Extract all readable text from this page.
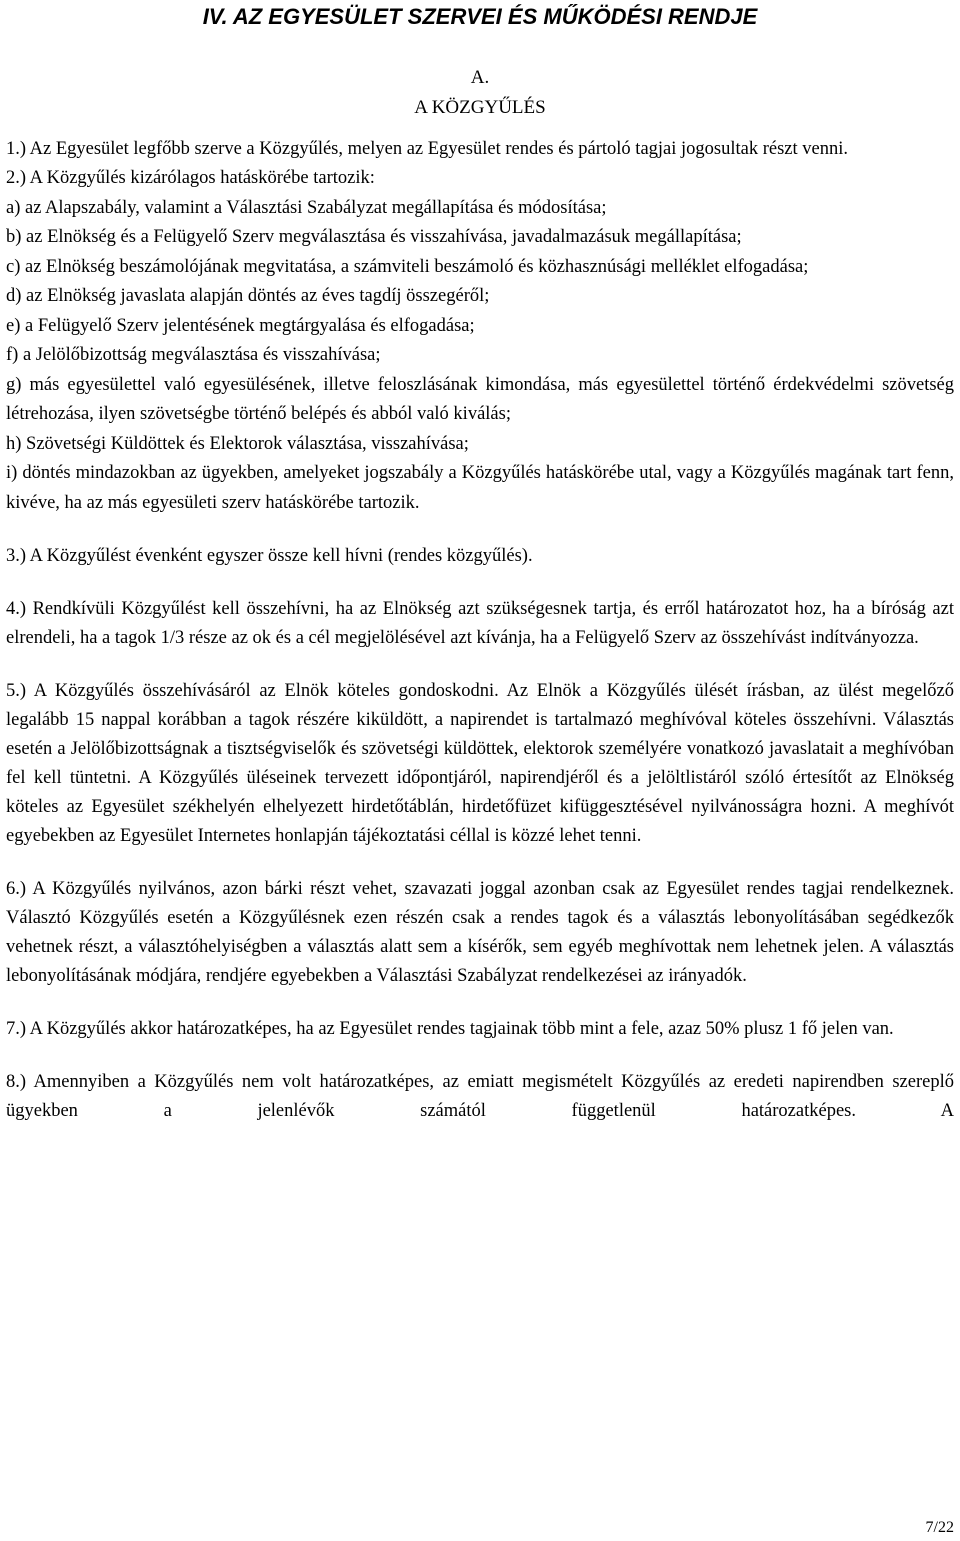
IV. AZ EGYESÜLET SZERVEI ÉS MŰKÖDÉSI RENDJE
A.
A KÖZGYŰLÉS

1.) Az Egyesület legfőbb szerve a Közgyűlés, melyen az Egyesület rendes és pártoló tagjai jogosultak részt venni.

2.) A Közgyűlés kizárólagos hatáskörébe tartozik:

a) az Alapszabály, valamint a Választási Szabályzat megállapítása és módosítása;

b) az Elnökség és a Felügyelő Szerv megválasztása és visszahívása, javadalmazásuk megállapítása;

c) az Elnökség beszámolójának megvitatása, a számviteli beszámoló és közhasznúsági melléklet elfogadása;

d) az Elnökség javaslata alapján döntés az éves tagdíj összegéről;

e) a Felügyelő Szerv jelentésének megtárgyalása és elfogadása;

f) a Jelölőbizottság megválasztása és visszahívása;

g) más egyesülettel való egyesülésének, illetve feloszlásának kimondása, más egyesülettel történő érdekvédelmi szövetség létrehozása, ilyen szövetségbe történő belépés és abból való kiválás;

h) Szövetségi Küldöttek és Elektorok választása, visszahívása;

i) döntés mindazokban az ügyekben, amelyeket jogszabály a Közgyűlés hatáskörébe utal, vagy a Közgyűlés magának tart fenn, kivéve, ha az más egyesületi szerv hatáskörébe tartozik.

3.) A Közgyűlést évenként egyszer össze kell hívni (rendes közgyűlés).

4.) Rendkívüli Közgyűlést kell összehívni, ha az Elnökség azt szükségesnek tartja, és erről határozatot hoz, ha a bíróság azt elrendeli, ha a tagok 1/3 része az ok és a cél megjelölésével azt kívánja, ha a Felügyelő Szerv az összehívást indítványozza.

5.) A Közgyűlés összehívásáról az Elnök köteles gondoskodni. Az Elnök a Közgyűlés ülését írásban, az ülést megelőző legalább 15 nappal korábban a tagok részére kiküldött, a napirendet is tartalmazó meghívóval köteles összehívni. Választás esetén a Jelölőbizottságnak a tisztségviselők és szövetségi küldöttek, elektorok személyére vonatkozó javaslatait a meghívóban fel kell tüntetni. A Közgyűlés üléseinek tervezett időpontjáról, napirendjéről és a jelöltlistáról szóló értesítőt az Elnökség köteles az Egyesület székhelyén elhelyezett hirdetőtáblán, hirdetőfüzet kifüggesztésével nyilvánosságra hozni. A meghívót egyebekben az Egyesület Internetes honlapján tájékoztatási céllal is közzé lehet tenni.

6.) A Közgyűlés nyilvános, azon bárki részt vehet, szavazati joggal azonban csak az Egyesület rendes tagjai rendelkeznek. Választó Közgyűlés esetén a Közgyűlésnek ezen részén csak a rendes tagok és a választás lebonyolításában segédkezők vehetnek részt, a választóhelyiségben a választás alatt sem a kísérők, sem egyéb meghívottak nem lehetnek jelen. A választás lebonyolításának módjára, rendjére egyebekben a Választási Szabályzat rendelkezései az irányadók.

7.) A Közgyűlés akkor határozatképes, ha az Egyesület rendes tagjainak több mint a fele, azaz 50% plusz 1 fő jelen van.

8.) Amennyiben a Közgyűlés nem volt határozatképes, az emiatt megismételt Közgyűlés az eredeti napirendben szereplő ügyekben a jelenlévők számától függetlenül határozatképes. A

7/22
